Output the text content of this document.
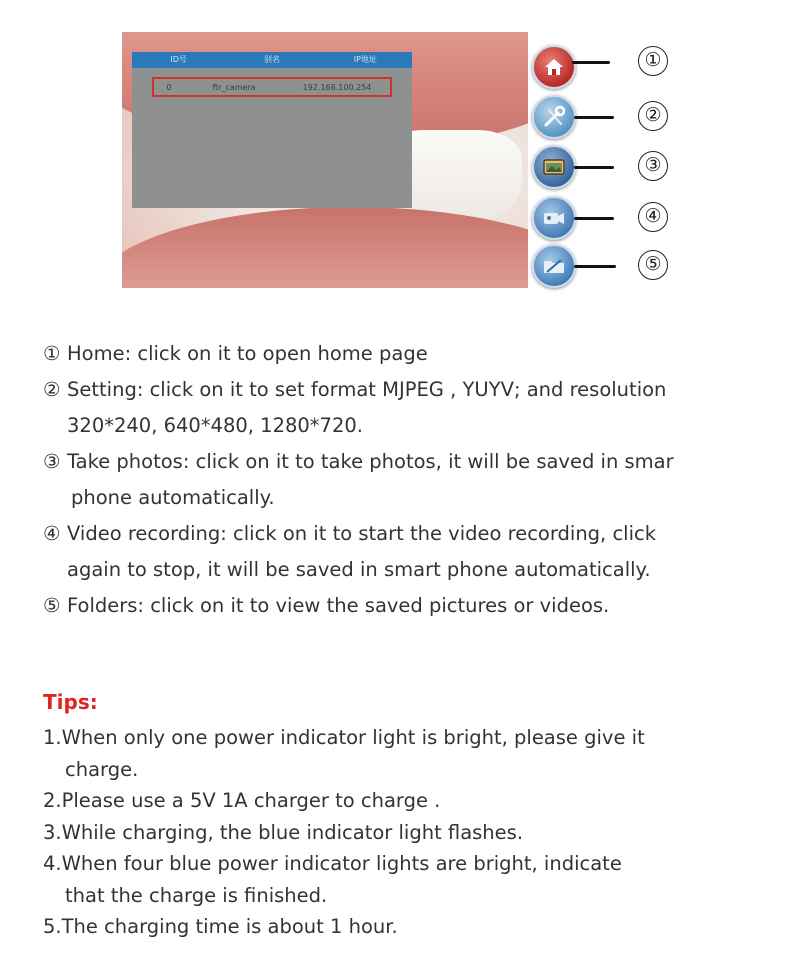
ID号	别名	IP地址
0	ftr_camera	192.168.100.254
①
②
③
④
⑤
① Home: click on it to open home page
② Setting: click on it to set format MJPEG , YUYV; and resolution
320*240, 640*480, 1280*720.
③ Take photos: click on it to take photos, it will be saved in smar
phone automatically.
④ Video recording: click on it to start the video recording, click
again to stop, it will be saved in smart phone automatically.
⑤ Folders: click on it to view the saved pictures or videos.
Tips:
1.When only one power indicator light is bright, please give it
charge.
2.Please use a 5V 1A charger to charge .
3.While charging, the blue indicator light flashes.
4.When four blue power indicator lights are bright, indicate
that the charge is finished.
5.The charging time is about 1 hour.
